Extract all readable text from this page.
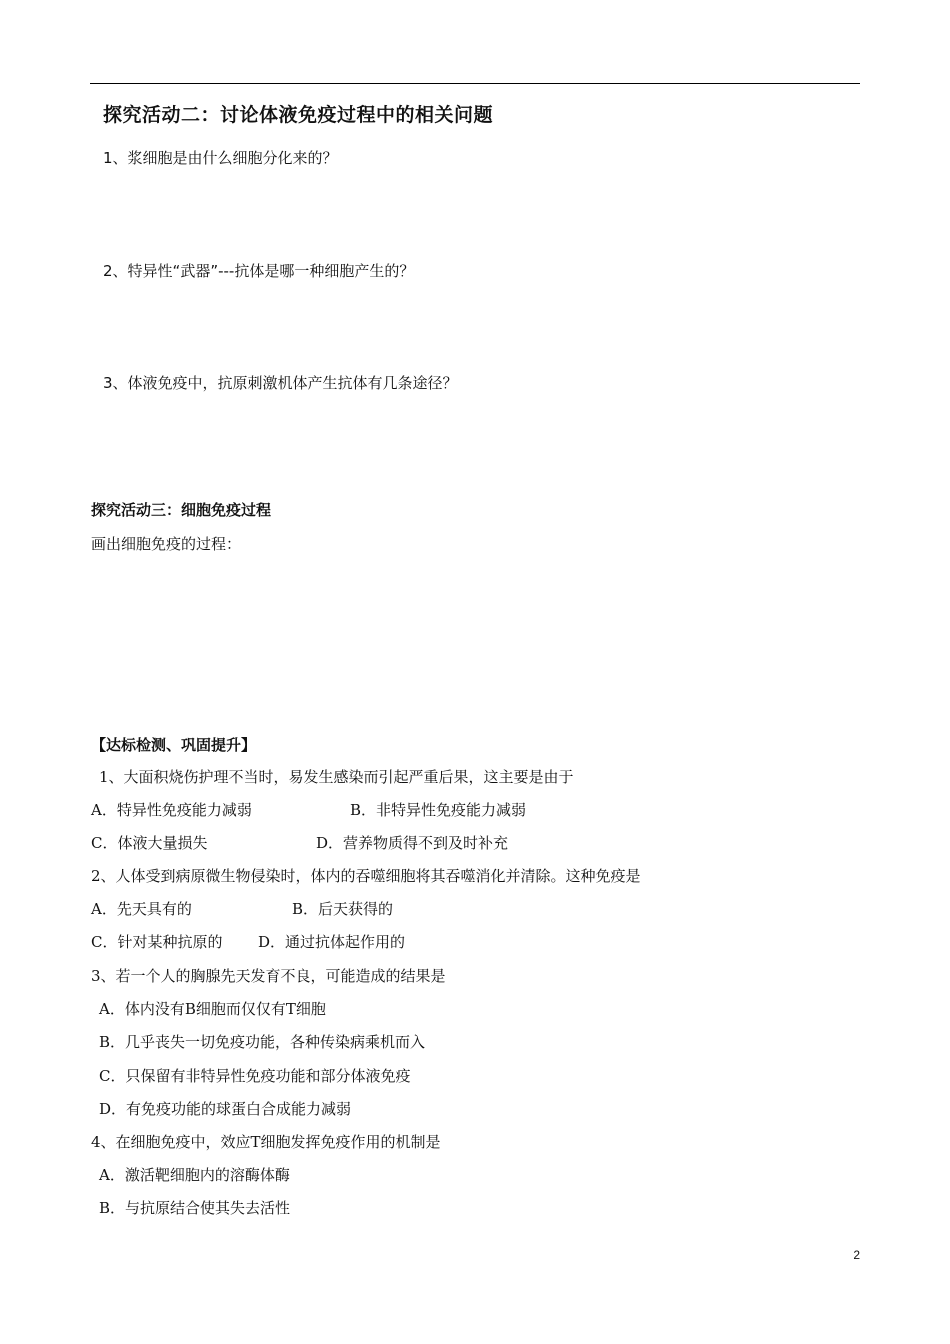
探究活动二：讨论体液免疫过程中的相关问题
1、浆细胞是由什么细胞分化来的？
2、特异性“武器”---抗体是哪一种细胞产生的？
3、体液免疫中，抗原刺激机体产生抗体有几条途径？
探究活动三：细胞免疫过程
画出细胞免疫的过程：
【达标检测、巩固提升】
1、大面积烧伤护理不当时，易发生感染而引起严重后果，这主要是由于
A．特异性免疫能力减弱	B．非特异性免疫能力减弱
C．体液大量损失	D．营养物质得不到及时补充
2、人体受到病原微生物侵染时，体内的吞噬细胞将其吞噬消化并清除。这种免疫是
A．先天具有的	B．后天获得的
C．针对某种抗原的 D．通过抗体起作用的
3、若一个人的胸腺先天发育不良，可能造成的结果是
A．体内没有B细胞而仅仅有T细胞
B．几乎丧失一切免疫功能，各种传染病乘机而入
C．只保留有非特异性免疫功能和部分体液免疫
D．有免疫功能的球蛋白合成能力减弱
4、在细胞免疫中，效应T细胞发挥免疫作用的机制是
A．激活靶细胞内的溶酶体酶
B．与抗原结合使其失去活性
2
